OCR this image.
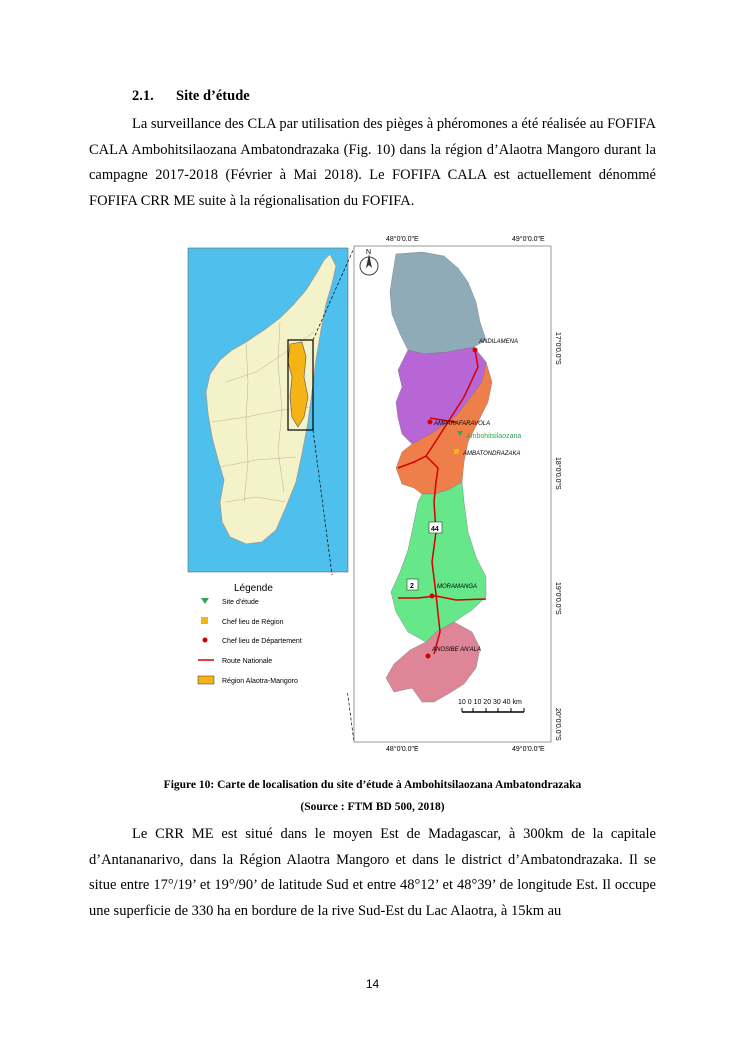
2.1. Site d’étude

La surveillance des CLA par utilisation des pièges à phéromones a été réalisée au FOFIFA CALA Ambohitsilaozana Ambatondrazaka (Fig. 10) dans la région d’Alaotra Mangoro durant la campagne 2017-2018 (Février à Mai 2018). Le FOFIFA CALA est actuellement dénommé FOFIFA CRR ME suite à la régionalisation du FOFIFA.

Légende
Site d'étude
Chef lieu de Région
Chef lieu de Département
Route Nationale
Région Alaotra-Mangoro
48°0'0.0"E	49°0'0.0"E
48°0'0.0"E	49°0'0.0"E
17°0'0.0"S
18°0'0.0"S
19°0'0.0"S
20°0'0.0"S
N
ANDILAMENA
AMPARAFARAVOLA
Ambohitsilaozana
AMBATONDRAZAKA
MORAMANGA
ANOSIBE AN'ALA
44
2
10 0 10 20 30 40 km
Figure 10: Carte de localisation du site d’étude à Ambohitsilaozana Ambatondrazaka
(Source : FTM BD 500, 2018)

Le CRR ME est situé dans le moyen Est de Madagascar, à 300km de la capitale d’Antananarivo, dans la Région Alaotra Mangoro et dans le district d’Ambatondrazaka. Il se situe entre 17°/19’ et 19°/90’ de latitude Sud et entre 48°12’ et 48°39’ de longitude Est. Il occupe une superficie de 330 ha en bordure de la rive Sud-Est du Lac Alaotra, à 15km au

14
